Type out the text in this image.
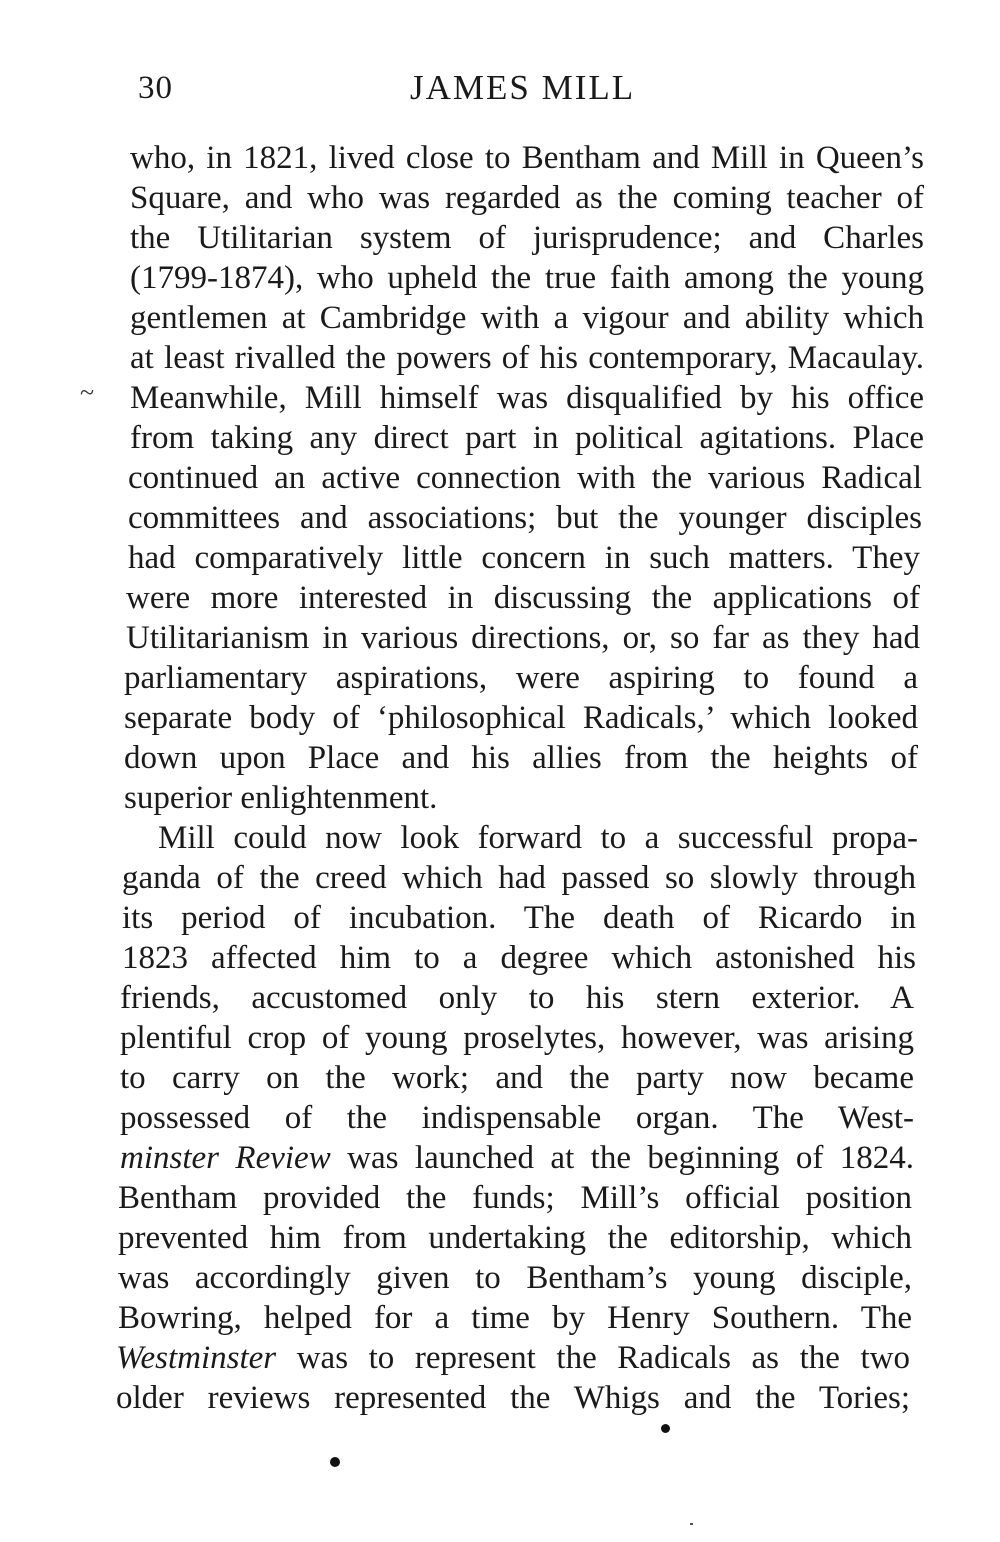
30	JAMES MILL
~
who, in 1821, lived close to Bentham and Mill in Queen’s
Square, and who was regarded as the coming teacher of
the Utilitarian system of jurisprudence; and Charles
(1799-1874), who upheld the true faith among the young
gentlemen at Cambridge with a vigour and ability which
at least rivalled the powers of his contemporary, Macaulay.
Meanwhile, Mill himself was disqualified by his office
from taking any direct part in political agitations. Place
continued an active connection with the various Radical
committees and associations; but the younger disciples
had comparatively little concern in such matters. They
were more interested in discussing the applications of
Utilitarianism in various directions, or, so far as they had
parliamentary aspirations, were aspiring to found a
separate body of ‘philosophical Radicals,’ which looked
down upon Place and his allies from the heights of
superior enlightenment.
Mill could now look forward to a successful propa-
ganda of the creed which had passed so slowly through
its period of incubation. The death of Ricardo in
1823 affected him to a degree which astonished his
friends, accustomed only to his stern exterior. A
plentiful crop of young proselytes, however, was arising
to carry on the work; and the party now became
possessed of the indispensable organ. The West-
minster Review was launched at the beginning of 1824.
Bentham provided the funds; Mill’s official position
prevented him from undertaking the editorship, which
was accordingly given to Bentham’s young disciple,
Bowring, helped for a time by Henry Southern. The
Westminster was to represent the Radicals as the two
older reviews represented the Whigs and the Tories;
